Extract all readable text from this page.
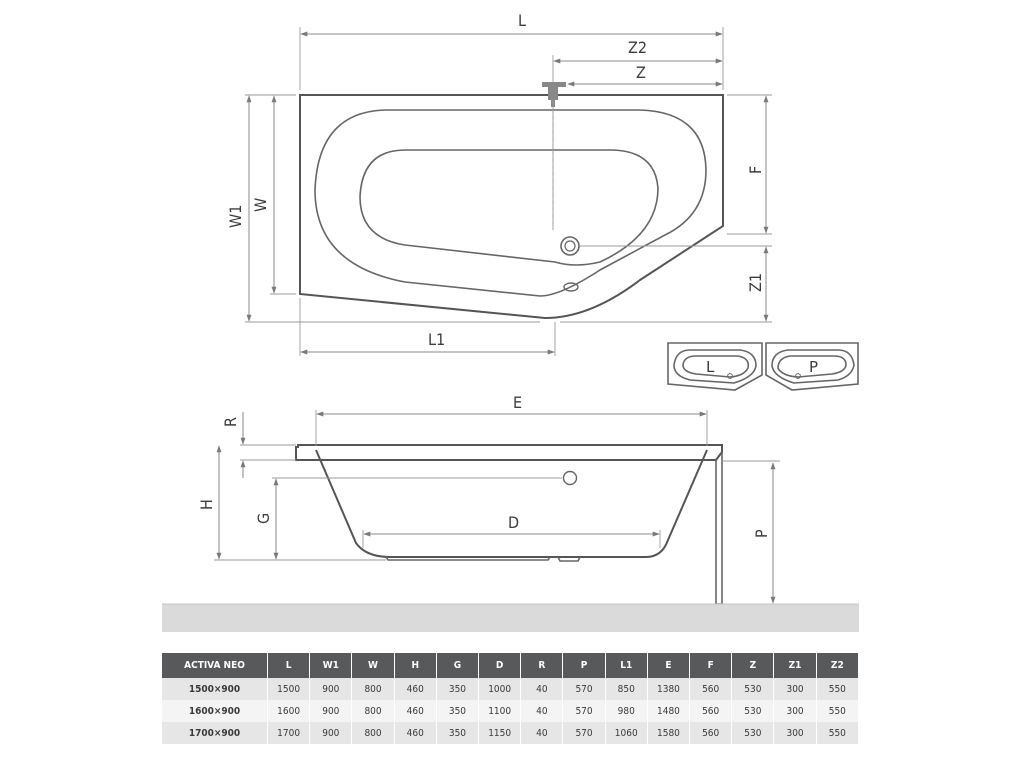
L
Z2
Z
W1 W
F
Z1
L1
L	P
E
R
H
G	D
P
ACTIVA NEO	L	W1	W	H	G	D	R	P	L1	E	F	Z	Z1	Z2
1500×900	1500	900	800	460	350	1000	40	570	850	1380	560	530	300	550
1600×900	1600	900	800	460	350	1100	40	570	980	1480	560	530	300	550
1700×900	1700	900	800	460	350	1150	40	570	1060	1580	560	530	300	550
